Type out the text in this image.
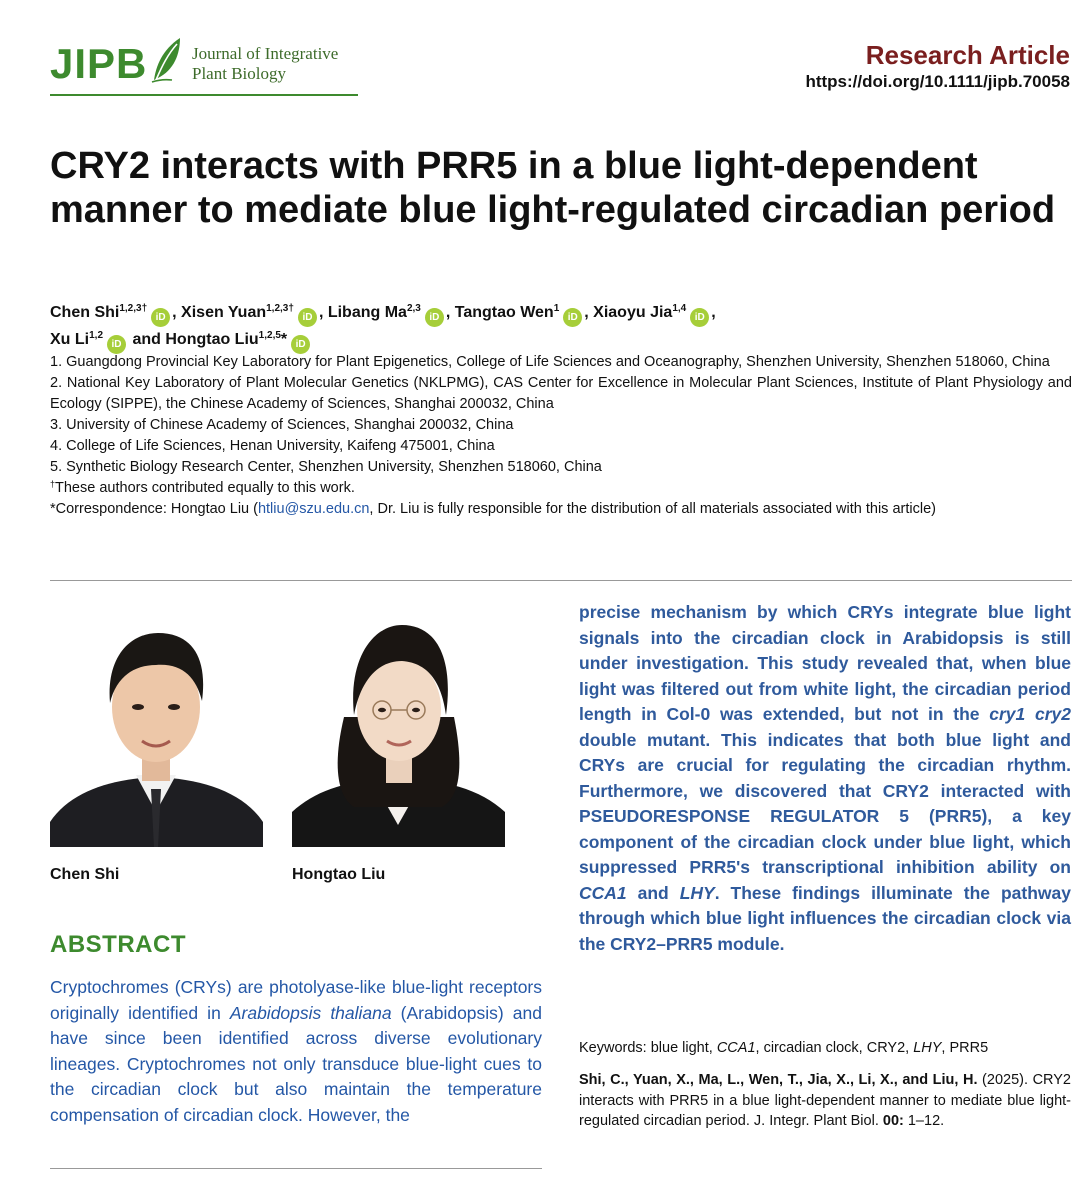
JIPB	Journal of Integrative
Plant Biology
Research Article
https://doi.org/10.1111/jipb.70058
CRY2 interacts with PRR5 in a blue light-dependent manner to mediate blue light-regulated circadian period
Chen Shi$^{1,2,3\dagger}$iD , Xisen Yuan$^{1,2,3\dagger}$iD , Libang Ma$^{2,3}$iD , Tangtao Wen$^1$iD , Xiaoyu Jia$^{1,4}$iD ,
Xu Li$^{1,2}$iD and Hongtao Liu$^{1,2,5}$* iD

1. Guangdong Provincial Key Laboratory for Plant Epigenetics, College of Life Sciences and Oceanography, Shenzhen University, Shenzhen 518060, China

2. National Key Laboratory of Plant Molecular Genetics (NKLPMG), CAS Center for Excellence in Molecular Plant Sciences, Institute of Plant Physiology and Ecology (SIPPE), the Chinese Academy of Sciences, Shanghai 200032, China

3. University of Chinese Academy of Sciences, Shanghai 200032, China

4. College of Life Sciences, Henan University, Kaifeng 475001, China

5. Synthetic Biology Research Center, Shenzhen University, Shenzhen 518060, China

†These authors contributed equally to this work.

*Correspondence: Hongtao Liu (htliu@szu.edu.cn, Dr. Liu is fully responsible for the distribution of all materials associated with this article)

Chen Shi	Hongtao Liu
ABSTRACT

Cryptochromes (CRYs) are photolyase-like blue-light receptors originally identified in Arabidopsis thaliana (Arabidopsis) and have since been identified across diverse evolutionary lineages. Cryptochromes not only transduce blue-light cues to the circadian clock but also maintain the temperature compensation of circadian clock. However, the

precise mechanism by which CRYs integrate blue light signals into the circadian clock in Arabidopsis is still under investigation. This study revealed that, when blue light was filtered out from white light, the circadian period length in Col-0 was extended, but not in the cry1 cry2 double mutant. This indicates that both blue light and CRYs are crucial for regulating the circadian rhythm. Furthermore, we discovered that CRY2 interacted with PSEUDORESPONSE REGULATOR 5 (PRR5), a key component of the circadian clock under blue light, which suppressed PRR5's transcriptional inhibition ability on CCA1 and LHY. These findings illuminate the pathway through which blue light influences the circadian clock via the CRY2–PRR5 module.

Keywords: blue light, CCA1, circadian clock, CRY2, LHY, PRR5

Shi, C., Yuan, X., Ma, L., Wen, T., Jia, X., Li, X., and Liu, H. (2025). CRY2 interacts with PRR5 in a blue light-dependent manner to mediate blue light-regulated circadian period. J. Integr. Plant Biol. 00: 1–12.
